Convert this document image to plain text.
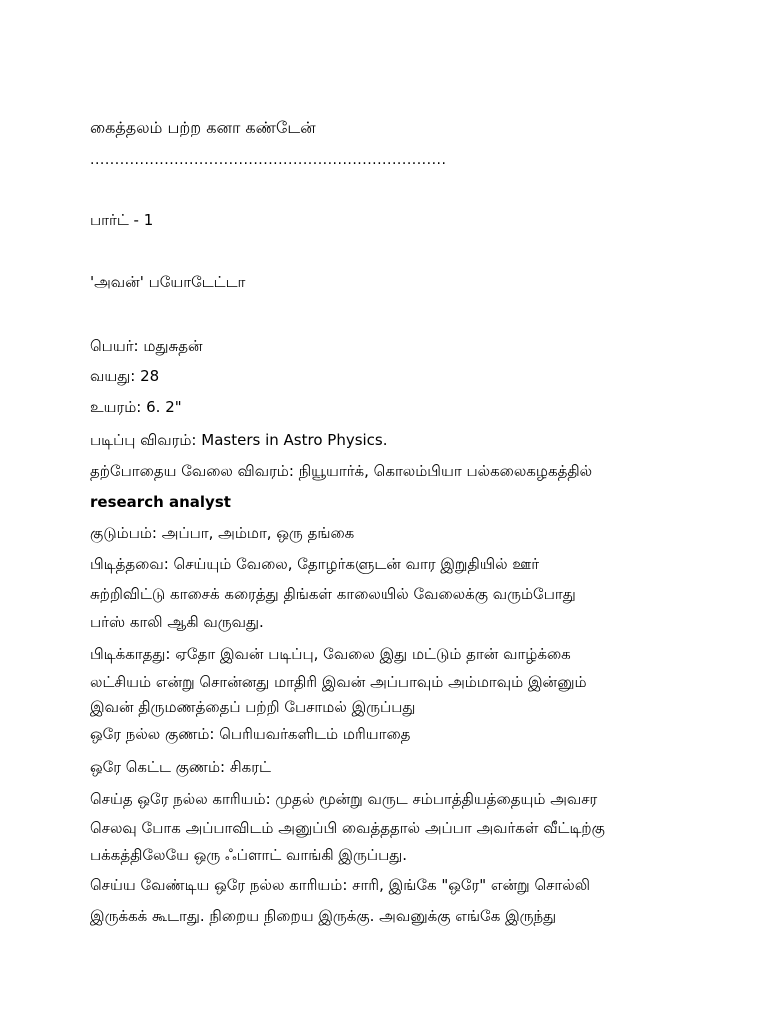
கைத்தலம் பற்ற கனா கண்டேன்

........................................................................

பார்ட் - 1

'அவன்' பயோடேட்டா

பெயர்: மதுசுதன்

வயது: 28

உயரம்: 6. 2"

படிப்பு விவரம்: Masters in Astro Physics.

தற்போதைய வேலை விவரம்: நியூயார்க், கொலம்பியா பல்கலைகழகத்தில்

research analyst

குடும்பம்: அப்பா, அம்மா, ஒரு தங்கை

பிடித்தவை: செய்யும் வேலை, தோழர்களுடன் வார இறுதியில் ஊர்

சுற்றிவிட்டு காசைக் கரைத்து திங்கள் காலையில் வேலைக்கு வரும்போது

பர்ஸ் காலி ஆகி வருவது.

பிடிக்காதது: ஏதோ இவன் படிப்பு, வேலை இது மட்டும் தான் வாழ்க்கை

லட்சியம் என்று சொன்னது மாதிரி இவன் அப்பாவும் அம்மாவும் இன்னும்

இவன் திருமணத்தைப் பற்றி பேசாமல் இருப்பது

ஒரே நல்ல குணம்: பெரியவர்களிடம் மரியாதை

ஒரே கெட்ட குணம்: சிகரட்

செய்த ஒரே நல்ல காரியம்: முதல் மூன்று வருட சம்பாத்தியத்தையும் அவசர

செலவு போக அப்பாவிடம் அனுப்பி வைத்ததால் அப்பா அவர்கள் வீட்டிற்கு

பக்கத்திலேயே ஒரு ஃப்ளாட் வாங்கி இருப்பது.

செய்ய வேண்டிய ஒரே நல்ல காரியம்: சாரி, இங்கே "ஒரே" என்று சொல்லி

இருக்கக் கூடாது. நிறைய நிறைய இருக்கு. அவனுக்கு எங்கே இருந்து
